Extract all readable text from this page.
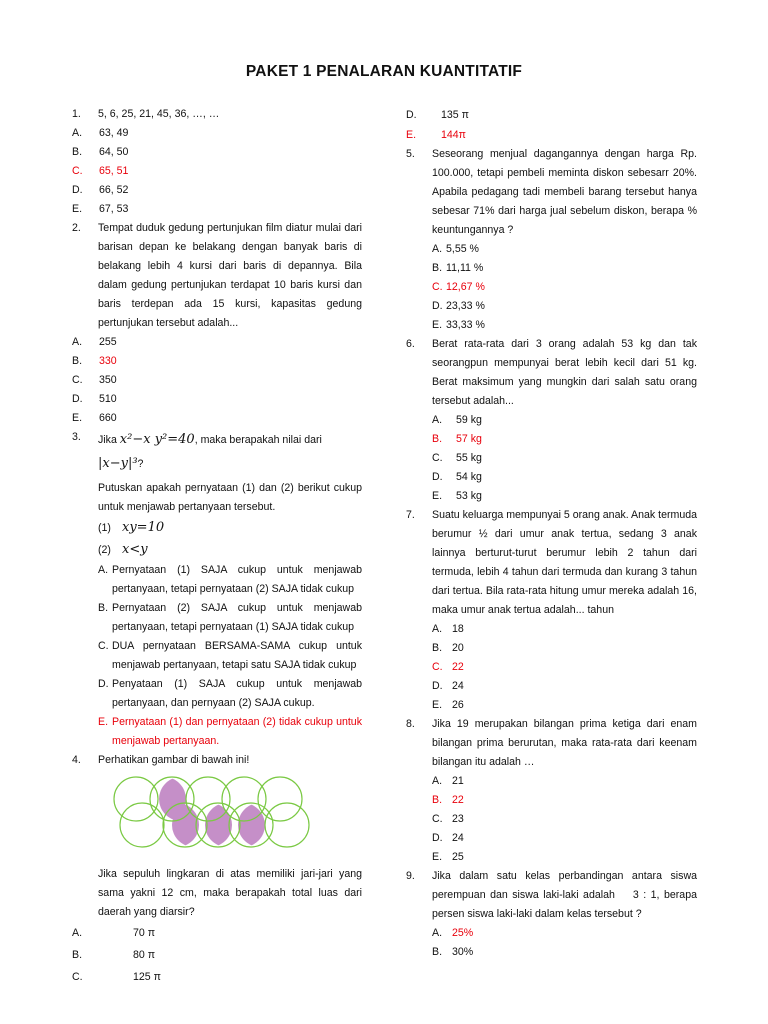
PAKET 1 PENALARAN KUANTITATIF
1. 5, 6, 25, 21, 45, 36, …, …
A. 63, 49
B. 64, 50
C. 65, 51
D. 66, 52
E. 67, 53
2. Tempat duduk gedung pertunjukan film diatur mulai dari barisan depan ke belakang dengan banyak baris di belakang lebih 4 kursi dari baris di depannya. Bila dalam gedung pertunjukan terdapat 10 baris kursi dan baris terdepan ada 15 kursi, kapasitas gedung pertunjukan tersebut adalah...
A. 255
B. 330
C. 350
D. 510
E. 660
3. Jika x²−x y²=40, maka berapakah nilai dari
|x−y|³?
Putuskan apakah pernyataan (1) dan (2) berikut cukup untuk menjawab pertanyaan tersebut.
(1) xy=10
(2) x<y
A. Pernyataan (1) SAJA cukup untuk menjawab pertanyaan, tetapi pernyataan (2) SAJA tidak cukup
B. Pernyataan (2) SAJA cukup untuk menjawab pertanyaan, tetapi pernyataan (1) SAJA tidak cukup
C. DUA pernyataan BERSAMA-SAMA cukup untuk menjawab pertanyaan, tetapi satu SAJA tidak cukup
D. Penyataan (1) SAJA cukup untuk menjawab pertanyaan, dan pernyaan (2) SAJA cukup.
E. Pernyataan (1) dan pernyataan (2) tidak cukup untuk menjawab pertanyaan.
4. Perhatikan gambar di bawah ini!
Jika sepuluh lingkaran di atas memiliki jari-jari yang sama yakni 12 cm, maka berapakah total luas dari daerah yang diarsir?
A.	70 π
B.	80 π
C.	125 π
D. 135 π
E. 144π
5. Seseorang menjual dagangannya dengan harga Rp. 100.000, tetapi pembeli meminta diskon sebesarr 20%. Apabila pedagang tadi membeli barang tersebut hanya sebesar 71% dari harga jual sebelum diskon, berapa % keuntungannya ?
A. 5,55 %
B. 11,11 %
C. 12,67 %
D. 23,33 %
E. 33,33 %
6. Berat rata-rata dari 3 orang adalah 53 kg dan tak seorangpun mempunyai berat lebih kecil dari 51 kg. Berat maksimum yang mungkin dari salah satu orang tersebut adalah...
A. 59 kg
B. 57 kg
C. 55 kg
D. 54 kg
E. 53 kg
7. Suatu keluarga mempunyai 5 orang anak. Anak termuda berumur ½ dari umur anak tertua, sedang 3 anak lainnya berturut-turut berumur lebih 2 tahun dari termuda, lebih 4 tahun dari termuda dan kurang 3 tahun dari tertua. Bila rata-rata hitung umur mereka adalah 16, maka umur anak tertua adalah... tahun
A. 18
B. 20
C. 22
D. 24
E. 26
8. Jika 19 merupakan bilangan prima ketiga dari enam bilangan prima berurutan, maka rata-rata dari keenam bilangan itu adalah …
A. 21
B. 22
C. 23
D. 24
E. 25
9. Jika dalam satu kelas perbandingan antara siswa perempuan dan siswa laki-laki adalah    3 : 1, berapa persen siswa laki-laki dalam kelas tersebut ?
A. 25%
B. 30%
